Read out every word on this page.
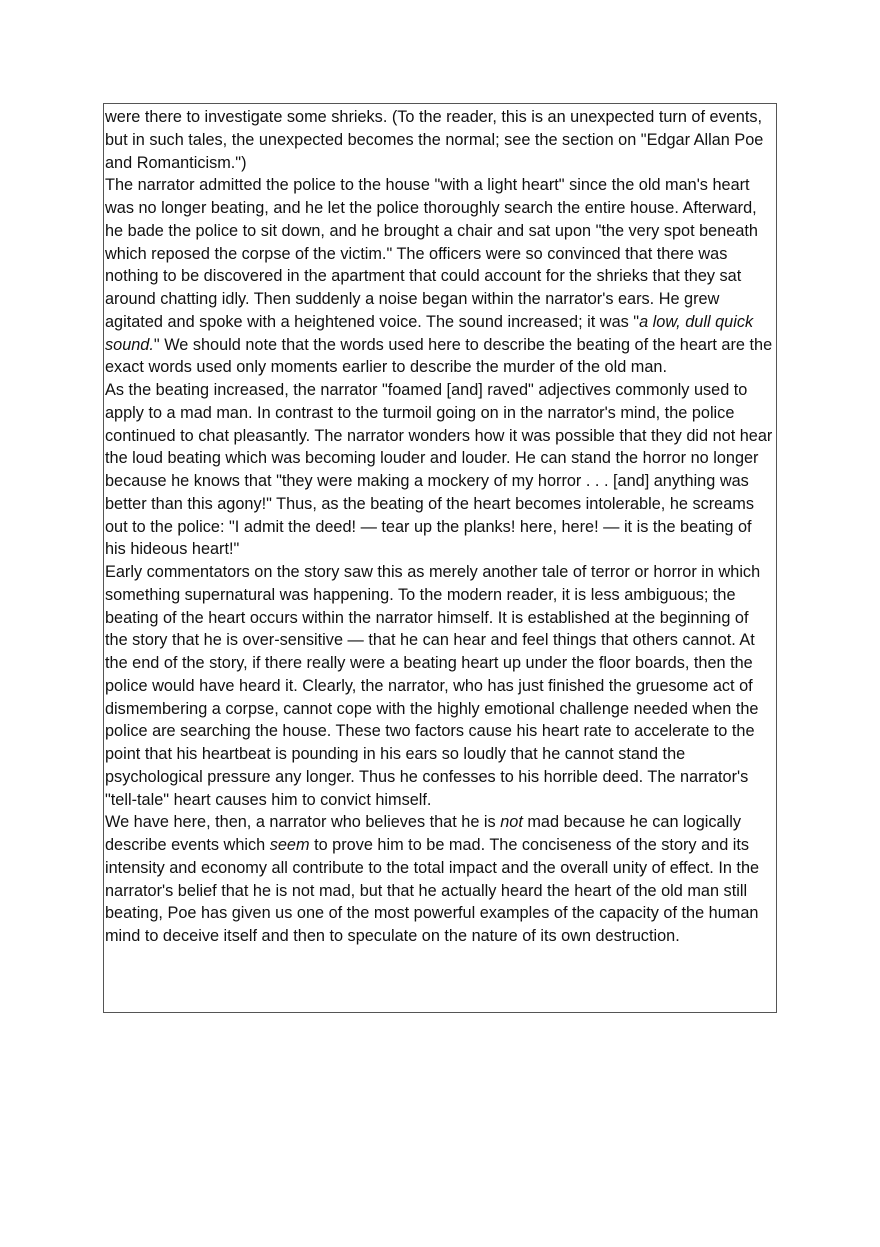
were there to investigate some shrieks. (To the reader, this is an unexpected turn of events, but in such tales, the unexpected becomes the normal; see the section on "Edgar Allan Poe and Romanticism.")

The narrator admitted the police to the house "with a light heart" since the old man's heart was no longer beating, and he let the police thoroughly search the entire house. Afterward, he bade the police to sit down, and he brought a chair and sat upon "the very spot beneath which reposed the corpse of the victim." The officers were so convinced that there was nothing to be discovered in the apartment that could account for the shrieks that they sat around chatting idly. Then suddenly a noise began within the narrator's ears. He grew agitated and spoke with a heightened voice. The sound increased; it was "a low, dull quick sound." We should note that the words used here to describe the beating of the heart are the exact words used only moments earlier to describe the murder of the old man.

As the beating increased, the narrator "foamed [and] raved" adjectives commonly used to apply to a mad man. In contrast to the turmoil going on in the narrator's mind, the police continued to chat pleasantly. The narrator wonders how it was possible that they did not hear the loud beating which was becoming louder and louder. He can stand the horror no longer because he knows that "they were making a mockery of my horror . . . [and] anything was better than this agony!" Thus, as the beating of the heart becomes intolerable, he screams out to the police: "I admit the deed! — tear up the planks! here, here! — it is the beating of his hideous heart!"

Early commentators on the story saw this as merely another tale of terror or horror in which something supernatural was happening. To the modern reader, it is less ambiguous; the beating of the heart occurs within the narrator himself. It is established at the beginning of the story that he is over-sensitive — that he can hear and feel things that others cannot. At the end of the story, if there really were a beating heart up under the floor boards, then the police would have heard it. Clearly, the narrator, who has just finished the gruesome act of dismembering a corpse, cannot cope with the highly emotional challenge needed when the police are searching the house. These two factors cause his heart rate to accelerate to the point that his heartbeat is pounding in his ears so loudly that he cannot stand the psychological pressure any longer. Thus he confesses to his horrible deed. The narrator's "tell-tale" heart causes him to convict himself.

We have here, then, a narrator who believes that he is not mad because he can logically describe events which seem to prove him to be mad. The conciseness of the story and its intensity and economy all contribute to the total impact and the overall unity of effect. In the narrator's belief that he is not mad, but that he actually heard the heart of the old man still beating, Poe has given us one of the most powerful examples of the capacity of the human mind to deceive itself and then to speculate on the nature of its own destruction.
